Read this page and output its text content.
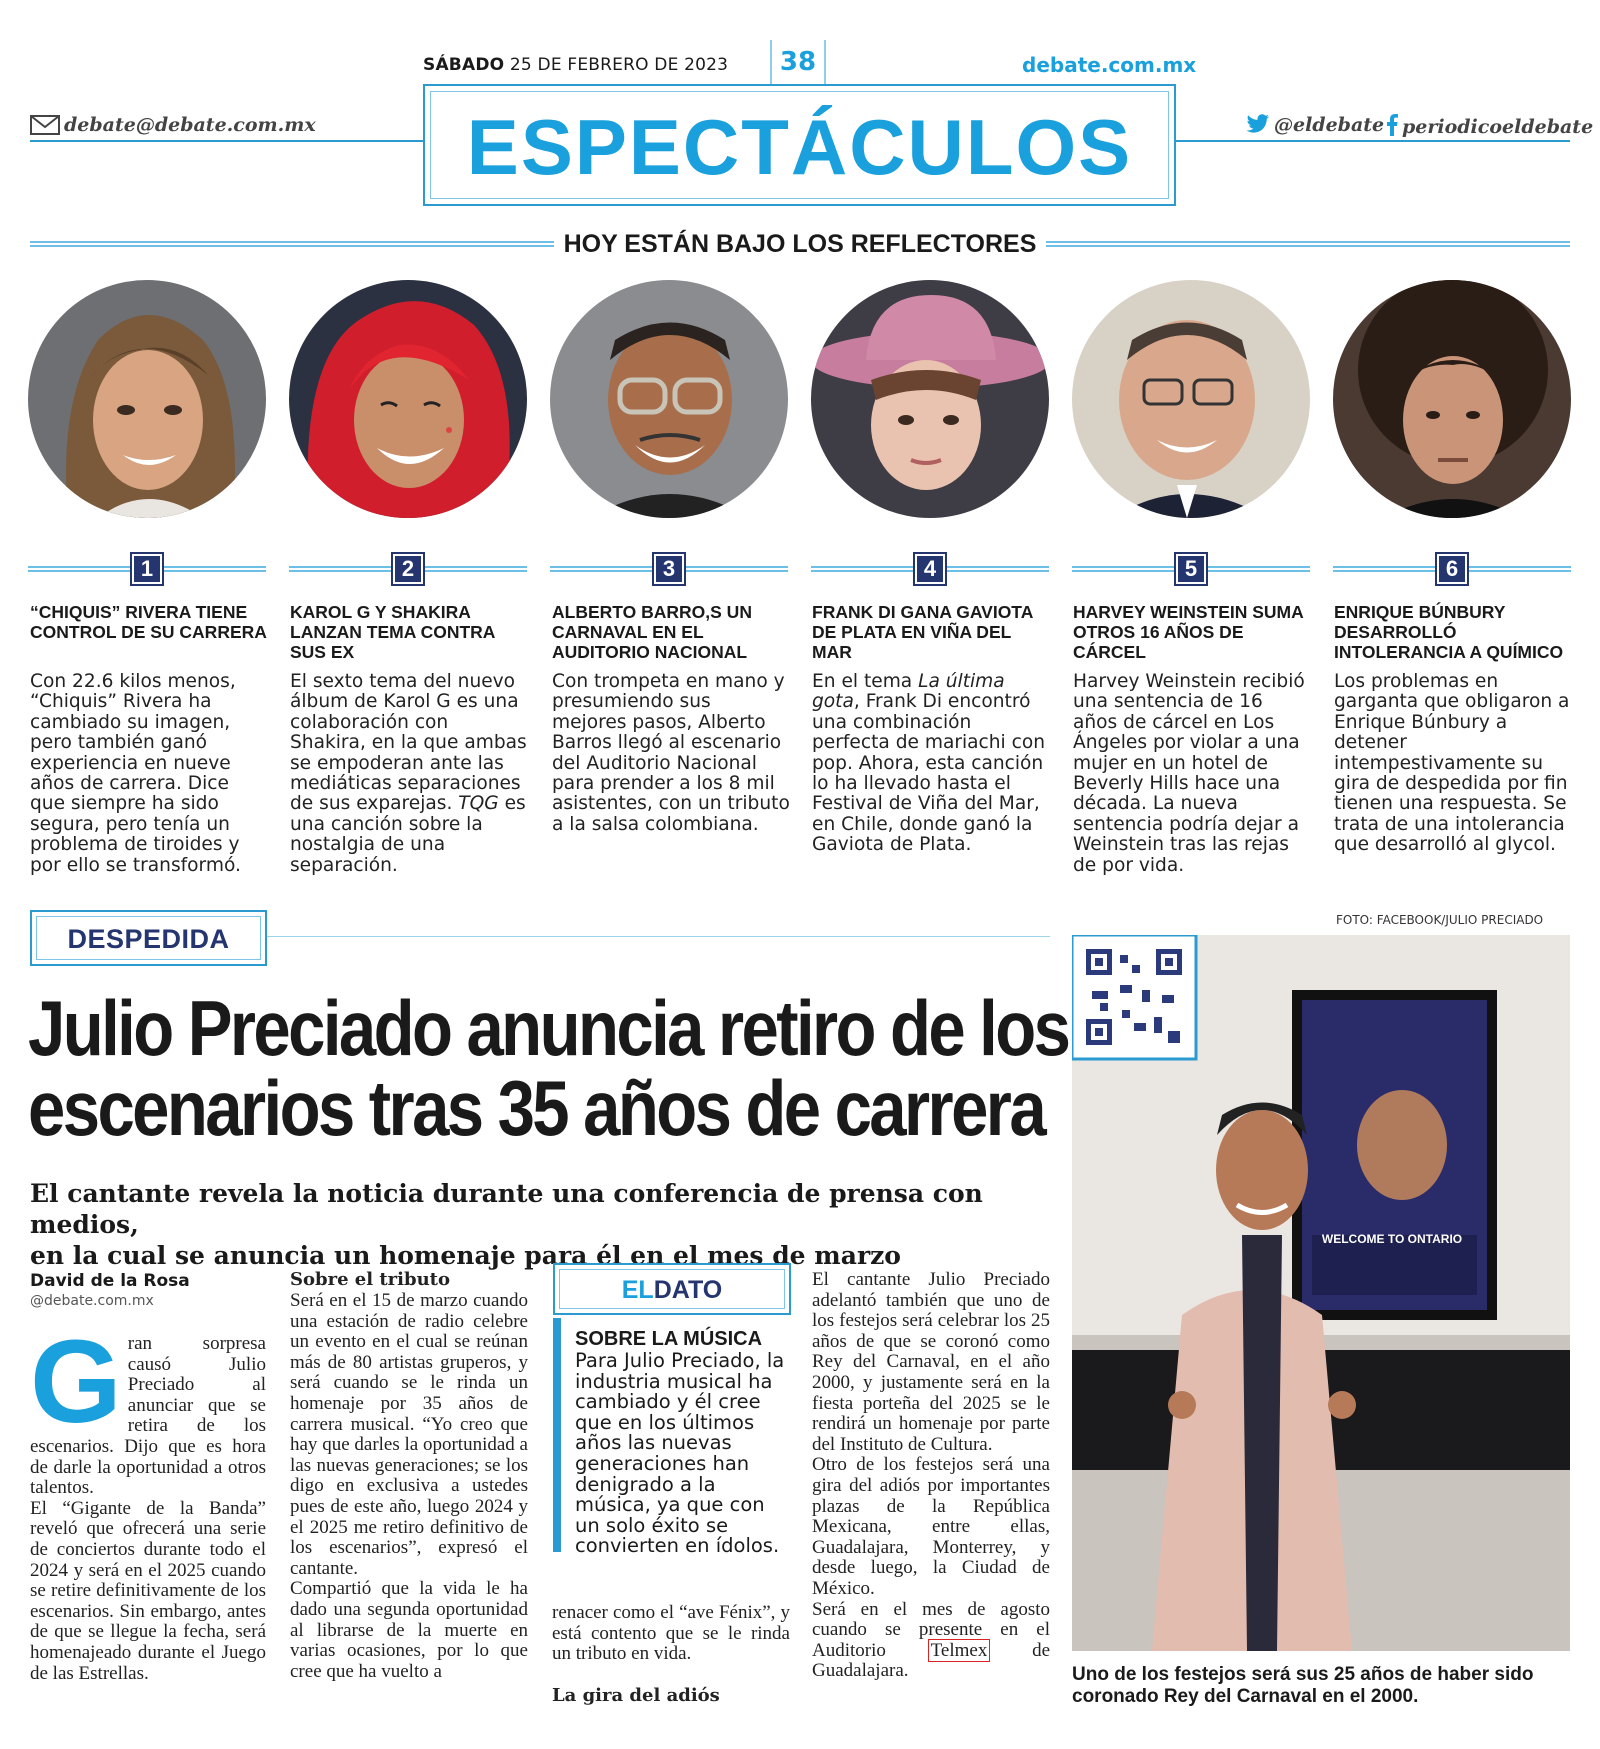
SÁBADO 25 DE FEBRERO DE 2023	38	debate.com.mx
debate@debate.com.mx	@eldebate periodicoeldebate
ESPECTÁCULOS
HOY ESTÁN BAJO LOS REFLECTORES
1	2	3	4	5	6
“CHIQUIS” RIVERA TIENE CONTROL DE SU CARRERA
KAROL G Y SHAKIRA LANZAN TEMA CONTRA SUS EX
ALBERTO BARRO,S UN CARNAVAL EN EL AUDITORIO NACIONAL
FRANK DI GANA GAVIOTA DE PLATA EN VIÑA DEL MAR
HARVEY WEINSTEIN SUMA OTROS 16 AÑOS DE CÁRCEL
ENRIQUE BÚNBURY DESARROLLÓ INTOLERANCIA A QUÍMICO
Con 22.6 kilos menos, “Chiquis” Rivera ha cambiado su imagen, pero también ganó experiencia en nueve años de carrera. Dice que siempre ha sido segura, pero tenía un problema de tiroides y por ello se transformó.
El sexto tema del nuevo álbum de Karol G es una colaboración con Shakira, en la que ambas se empoderan ante las mediáticas separaciones de sus exparejas. TQG es una canción sobre la nostalgia de una separación.
Con trompeta en mano y presumiendo sus mejores pasos, Alberto Barros llegó al escenario del Auditorio Nacional para prender a los 8 mil asistentes, con un tributo a la salsa colombiana.
En el tema La última gota, Frank Di encontró una combinación perfecta de mariachi con pop. Ahora, esta canción lo ha llevado hasta el Festival de Viña del Mar, en Chile, donde ganó la Gaviota de Plata.
Harvey Weinstein recibió una sentencia de 16 años de cárcel en Los Ángeles por violar a una mujer en un hotel de Beverly Hills hace una década. La nueva sentencia podría dejar a Weinstein tras las rejas de por vida.
Los problemas en garganta que obligaron a Enrique Búnbury a detener intempestivamente su gira de despedida por fin tienen una respuesta. Se trata de una intolerancia que desarrolló al glycol.
DESPEDIDA
Julio Preciado anuncia retiro de los
escenarios tras 35 años de carrera
El cantante revela la noticia durante una conferencia de prensa con medios,
en la cual se anuncia un homenaje para él en el mes de marzo
David de la Rosa
@debate.com.mx
G ran sorpresa causó Julio Preciado al anunciar que se retira de los escenarios. Dijo que es hora de darle la oportunidad a otros talentos.

El “Gigante de la Banda” reveló que ofrecerá una serie de conciertos durante todo el 2024 y será en el 2025 cuando se retire definitivamente de los escenarios. Sin embargo, antes de que se llegue la fecha, será homenajeado durante el Juego de las Estrellas.

Sobre el tributo

Será en el 15 de marzo cuando una estación de radio celebre un evento en el cual se reúnan más de 80 artistas gruperos, y será cuando se le rinda un homenaje por 35 años de carrera musical. “Yo creo que hay que darles la oportunidad a las nuevas generaciones; se los digo en exclusiva a ustedes pues de este año, luego 2024 y el 2025 me retiro definitivo de los escenarios”, expresó el cantante.

Compartió que la vida le ha dado una segunda oportunidad al librarse de la muerte en varias ocasiones, por lo que cree que ha vuelto a

ELDATO
SOBRE LA MÚSICA
Para Julio Preciado, la industria musical ha cambiado y él cree que en los últimos años las nuevas generaciones han denigrado a la música, ya que con un solo éxito se convierten en ídolos.

renacer como el “ave Fénix”, y está contento que se le rinda un tributo en vida.

La gira del adiós

El cantante Julio Preciado adelantó también que uno de los festejos será celebrar los 25 años de que se coronó como Rey del Carnaval, en el año 2000, y justamente será en la fiesta porteña del 2025 se le rendirá un homenaje por parte del Instituto de Cultura.

Otro de los festejos será una gira del adiós por importantes plazas de la República Mexicana, entre ellas, Guadalajara, Monterrey, y desde luego, la Ciudad de México.

Será en el mes de agosto cuando se presente en el Auditorio Telmex de Guadalajara.

FOTO: FACEBOOK/JULIO PRECIADO
WELCOME TO ONTARIO
Uno de los festejos será sus 25 años de haber sido coronado Rey del Carnaval en el 2000.
